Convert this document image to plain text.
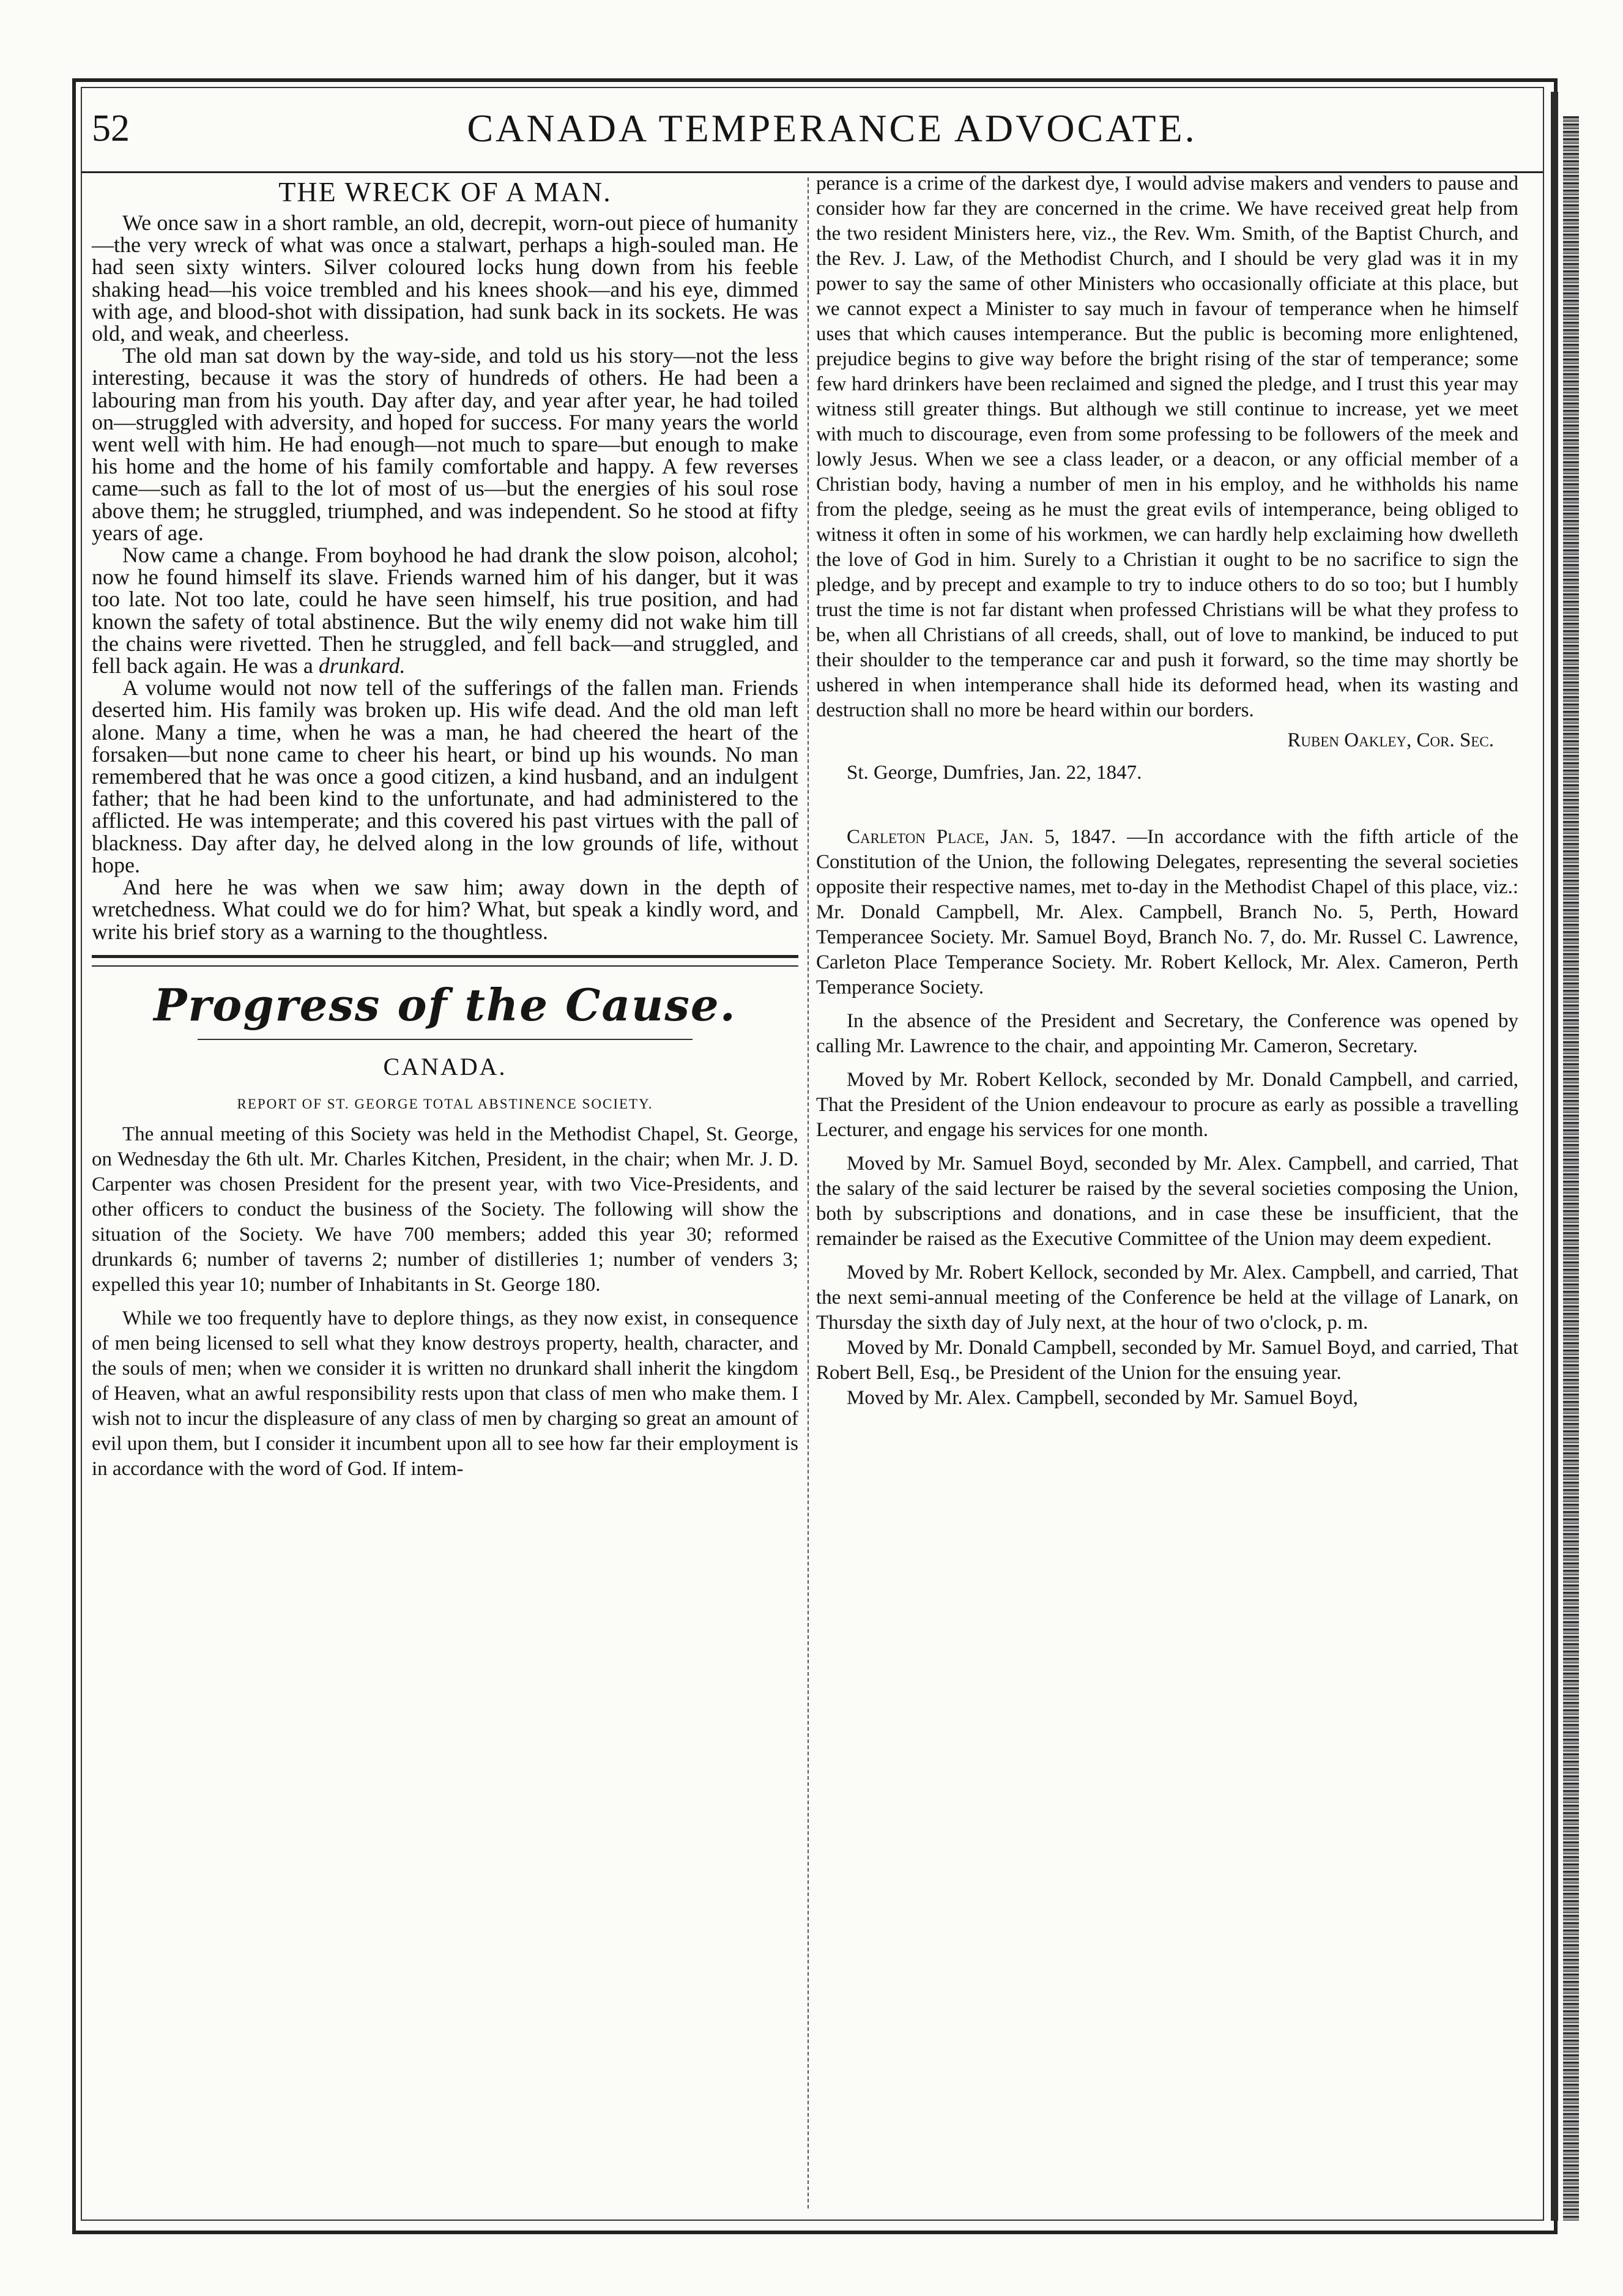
52	CANADA TEMPERANCE ADVOCATE.
THE WRECK OF A MAN.

We once saw in a short ramble, an old, decrepit, worn-out piece of humanity—the very wreck of what was once a stalwart, perhaps a high-souled man. He had seen sixty winters. Silver coloured locks hung down from his feeble shaking head—his voice trembled and his knees shook—and his eye, dimmed with age, and blood-shot with dissipation, had sunk back in its sockets. He was old, and weak, and cheerless.

The old man sat down by the way-side, and told us his story—not the less interesting, because it was the story of hundreds of others. He had been a labouring man from his youth. Day after day, and year after year, he had toiled on—struggled with adversity, and hoped for success. For many years the world went well with him. He had enough—not much to spare—but enough to make his home and the home of his family comfortable and happy. A few reverses came—such as fall to the lot of most of us—but the energies of his soul rose above them; he struggled, triumphed, and was independent. So he stood at fifty years of age.

Now came a change. From boyhood he had drank the slow poison, alcohol; now he found himself its slave. Friends warned him of his danger, but it was too late. Not too late, could he have seen himself, his true position, and had known the safety of total abstinence. But the wily enemy did not wake him till the chains were rivetted. Then he struggled, and fell back—and struggled, and fell back again. He was a drunkard.

A volume would not now tell of the sufferings of the fallen man. Friends deserted him. His family was broken up. His wife dead. And the old man left alone. Many a time, when he was a man, he had cheered the heart of the forsaken—but none came to cheer his heart, or bind up his wounds. No man remembered that he was once a good citizen, a kind husband, and an indulgent father; that he had been kind to the unfortunate, and had administered to the afflicted. He was intemperate; and this covered his past virtues with the pall of blackness. Day after day, he delved along in the low grounds of life, without hope.

And here he was when we saw him; away down in the depth of wretchedness. What could we do for him? What, but speak a kindly word, and write his brief story as a warning to the thoughtless.

Progress of the Cause.
CANADA.
REPORT OF ST. GEORGE TOTAL ABSTINENCE SOCIETY.

The annual meeting of this Society was held in the Methodist Chapel, St. George, on Wednesday the 6th ult. Mr. Charles Kitchen, President, in the chair; when Mr. J. D. Carpenter was chosen President for the present year, with two Vice-Presidents, and other officers to conduct the business of the Society. The following will show the situation of the Society. We have 700 members; added this year 30; reformed drunkards 6; number of taverns 2; number of distilleries 1; number of venders 3; expelled this year 10; number of Inhabitants in St. George 180.

While we too frequently have to deplore things, as they now exist, in consequence of men being licensed to sell what they know destroys property, health, character, and the souls of men; when we consider it is written no drunkard shall inherit the kingdom of Heaven, what an awful responsibility rests upon that class of men who make them. I wish not to incur the displeasure of any class of men by charging so great an amount of evil upon them, but I consider it incumbent upon all to see how far their employment is in accordance with the word of God. If intem-

perance is a crime of the darkest dye, I would advise makers and venders to pause and consider how far they are concerned in the crime. We have received great help from the two resident Ministers here, viz., the Rev. Wm. Smith, of the Baptist Church, and the Rev. J. Law, of the Methodist Church, and I should be very glad was it in my power to say the same of other Ministers who occasionally officiate at this place, but we cannot expect a Minister to say much in favour of temperance when he himself uses that which causes intemperance. But the public is becoming more enlightened, prejudice begins to give way before the bright rising of the star of temperance; some few hard drinkers have been reclaimed and signed the pledge, and I trust this year may witness still greater things. But although we still continue to increase, yet we meet with much to discourage, even from some professing to be followers of the meek and lowly Jesus. When we see a class leader, or a deacon, or any official member of a Christian body, having a number of men in his employ, and he withholds his name from the pledge, seeing as he must the great evils of intemperance, being obliged to witness it often in some of his workmen, we can hardly help exclaiming how dwelleth the love of God in him. Surely to a Christian it ought to be no sacrifice to sign the pledge, and by precept and example to try to induce others to do so too; but I humbly trust the time is not far distant when professed Christians will be what they profess to be, when all Christians of all creeds, shall, out of love to mankind, be induced to put their shoulder to the temperance car and push it forward, so the time may shortly be ushered in when intemperance shall hide its deformed head, when its wasting and destruction shall no more be heard within our borders.
Ruben Oakley, Cor. Sec.
St. George, Dumfries, Jan. 22, 1847.

Carleton Place, Jan. 5, 1847. —In accordance with the fifth article of the Constitution of the Union, the following Delegates, representing the several societies opposite their respective names, met to-day in the Methodist Chapel of this place, viz.: Mr. Donald Campbell, Mr. Alex. Campbell, Branch No. 5, Perth, Howard Temperancee Society. Mr. Samuel Boyd, Branch No. 7, do. Mr. Russel C. Lawrence, Carleton Place Temperance Society. Mr. Robert Kellock, Mr. Alex. Cameron, Perth Temperance Society.

In the absence of the President and Secretary, the Conference was opened by calling Mr. Lawrence to the chair, and appointing Mr. Cameron, Secretary.

Moved by Mr. Robert Kellock, seconded by Mr. Donald Campbell, and carried, That the President of the Union endeavour to procure as early as possible a travelling Lecturer, and engage his services for one month.

Moved by Mr. Samuel Boyd, seconded by Mr. Alex. Campbell, and carried, That the salary of the said lecturer be raised by the several societies composing the Union, both by subscriptions and donations, and in case these be insufficient, that the remainder be raised as the Executive Committee of the Union may deem expedient.

Moved by Mr. Robert Kellock, seconded by Mr. Alex. Campbell, and carried, That the next semi-annual meeting of the Conference be held at the village of Lanark, on Thursday the sixth day of July next, at the hour of two o'clock, p. m.

Moved by Mr. Donald Campbell, seconded by Mr. Samuel Boyd, and carried, That Robert Bell, Esq., be President of the Union for the ensuing year.

Moved by Mr. Alex. Campbell, seconded by Mr. Samuel Boyd,
